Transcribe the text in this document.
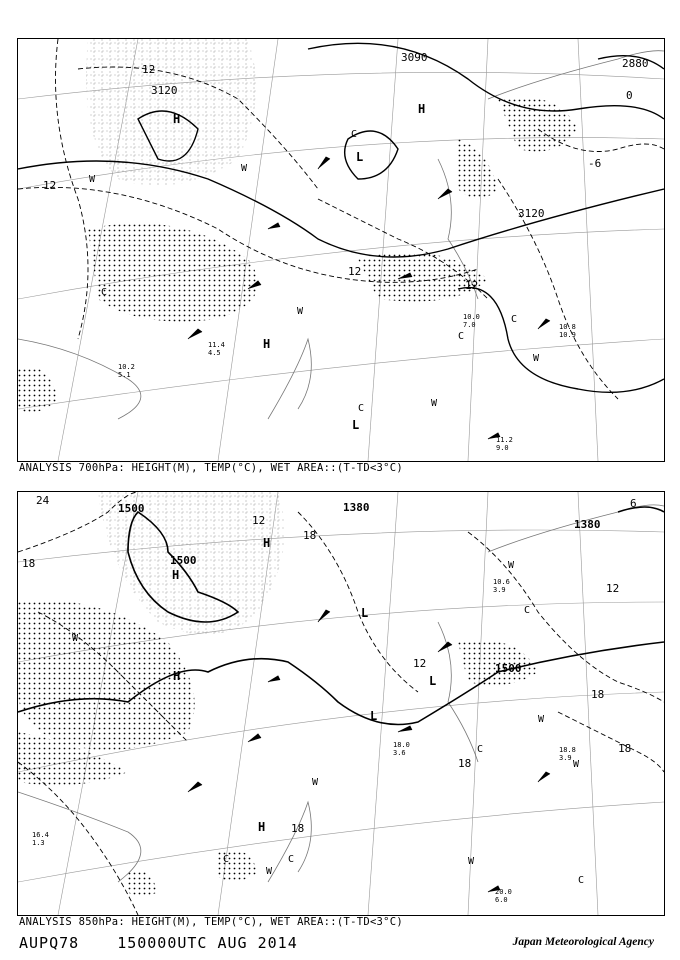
3090
3120
2880
3120
12
12
0
-6
12
12
H
H
L
H
L
W
W
W
C
C
C
W
C
W
C
11.2 9.0
10.8 10.9
10.0 7.0
10.2 5.1
11.4 4.5
ANALYSIS 700hPa: HEIGHT(M), TEMP(°C), WET AREA::(T-TD<3°C)
1500
1500
1500
1380
1380
24
18
12
18
12
18
18
12
6
18
18
H
H
L
L
L
H
H
W
W
W
C
C
W
C	C	W
C
W
W
20.0 6.0
18.8 3.9
18.0 3.6
16.4 1.3
10.6 3.9
ANALYSIS 850hPa: HEIGHT(M), TEMP(°C), WET AREA::(T-TD<3°C)
AUPQ78	150000UTC AUG 2014	Japan Meteorological Agency
